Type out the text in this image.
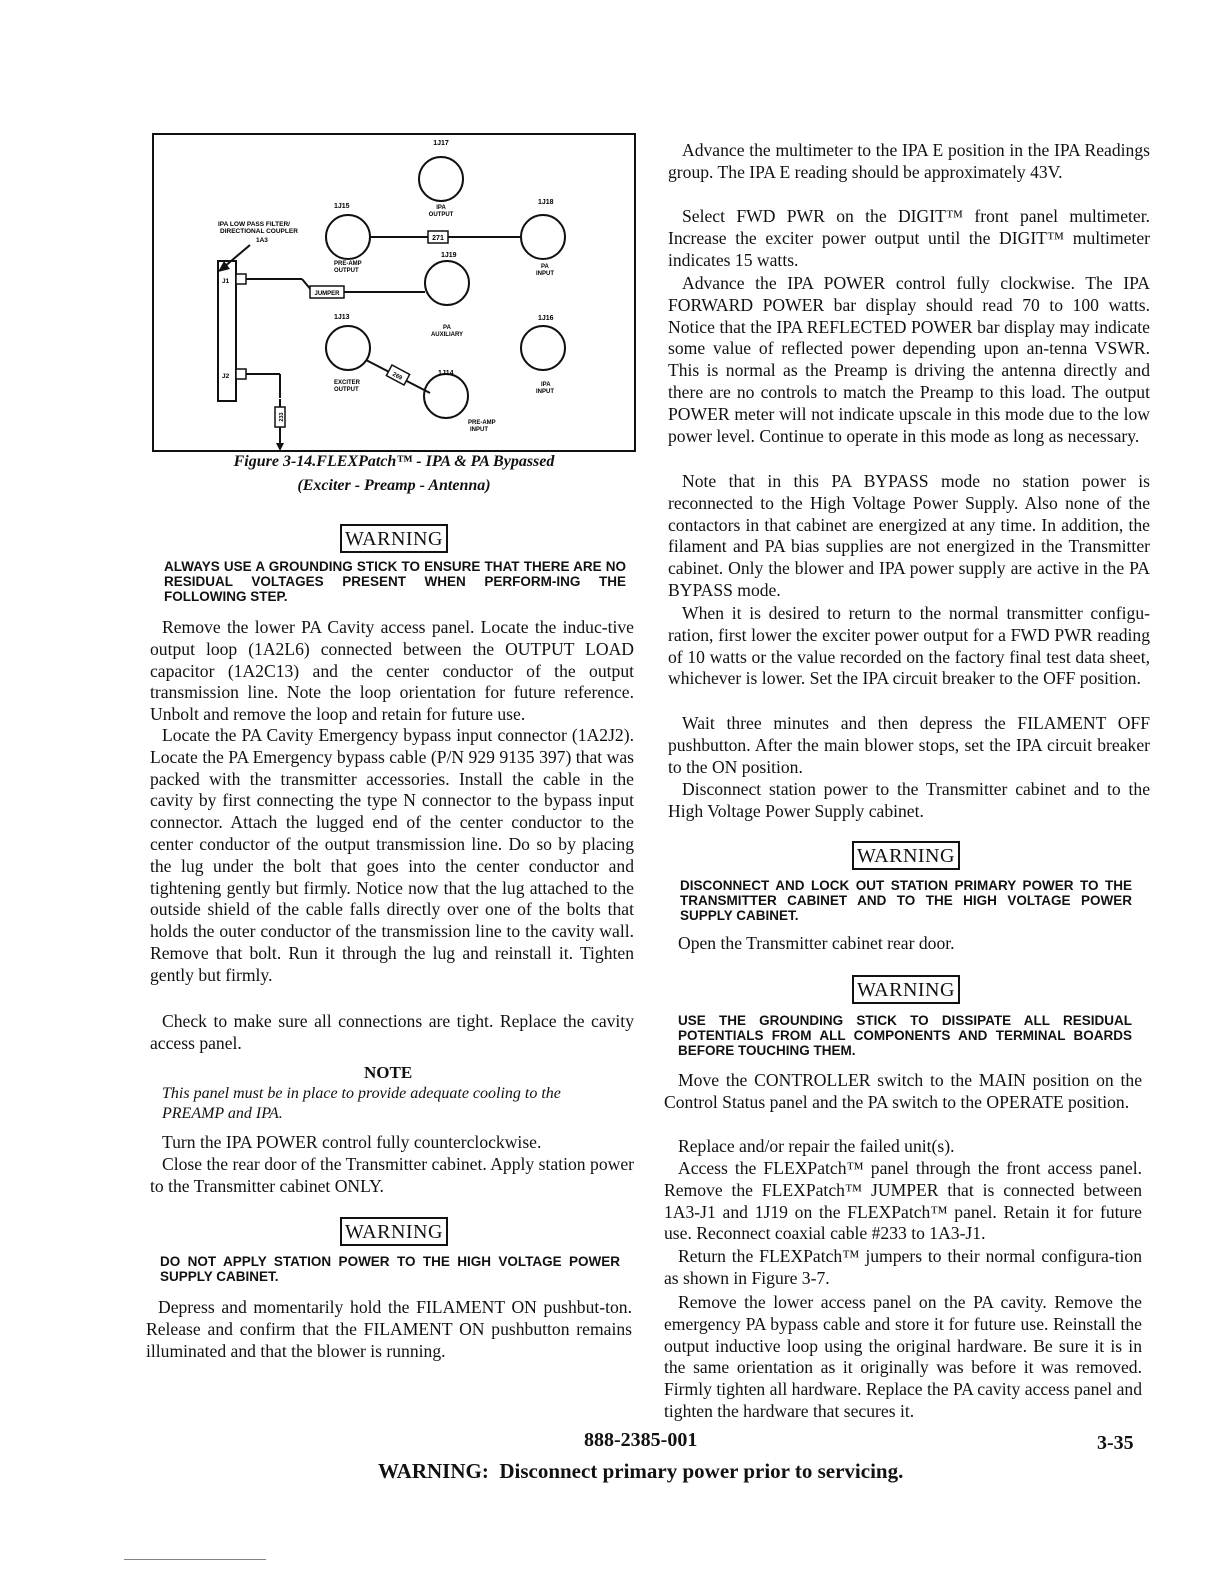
1J17
1J15
1J18
IPA OUTPUT
IPA LOW PASS FILTER/
DIRECTIONAL COUPLER
1A3	271
1J19
PRE-AMP OUTPUT
PA INPUT
J1
JUMPER
1J13	1J16
PA AUXILIARY
J2	1J14
EXCITER OUTPUT
IPA INPUT
PRE-AMP INPUT
269
233
Figure 3-14.FLEXPatch™ - IPA & PA Bypassed
(Exciter - Preamp - Antenna)
WARNING

ALWAYS USE A GROUNDING STICK TO ENSURE THAT THERE ARE NO RESIDUAL VOLTAGES PRESENT WHEN PERFORM-ING THE FOLLOWING STEP.

Remove the lower PA Cavity access panel. Locate the induc-tive output loop (1A2L6) connected between the OUTPUT LOAD capacitor (1A2C13) and the center conductor of the output transmission line. Note the loop orientation for future reference. Unbolt and remove the loop and retain for future use.

Locate the PA Cavity Emergency bypass input connector (1A2J2). Locate the PA Emergency bypass cable (P/N 929 9135 397) that was packed with the transmitter accessories. Install the cable in the cavity by first connecting the type N connector to the bypass input connector. Attach the lugged end of the center conductor to the center conductor of the output transmission line. Do so by placing the lug under the bolt that goes into the center conductor and tightening gently but firmly. Notice now that the lug attached to the outside shield of the cable falls directly over one of the bolts that holds the outer conductor of the transmission line to the cavity wall. Remove that bolt. Run it through the lug and reinstall it. Tighten gently but firmly.

Check to make sure all connections are tight. Replace the cavity access panel.

NOTE

This panel must be in place to provide adequate cooling to the PREAMP and IPA.

Turn the IPA POWER control fully counterclockwise.

Close the rear door of the Transmitter cabinet. Apply station power to the Transmitter cabinet ONLY.

WARNING

DO NOT APPLY STATION POWER TO THE HIGH VOLTAGE POWER SUPPLY CABINET.

Depress and momentarily hold the FILAMENT ON pushbut-ton. Release and confirm that the FILAMENT ON pushbutton remains illuminated and that the blower is running.

Advance the multimeter to the IPA E position in the IPA Readings group. The IPA E reading should be approximately 43V.

Select FWD PWR on the DIGIT™ front panel multimeter. Increase the exciter power output until the DIGIT™ multimeter indicates 15 watts.

Advance the IPA POWER control fully clockwise. The IPA FORWARD POWER bar display should read 70 to 100 watts. Notice that the IPA REFLECTED POWER bar display may indicate some value of reflected power depending upon an-tenna VSWR. This is normal as the Preamp is driving the antenna directly and there are no controls to match the Preamp to this load. The output POWER meter will not indicate upscale in this mode due to the low power level. Continue to operate in this mode as long as necessary.

Note that in this PA BYPASS mode no station power is reconnected to the High Voltage Power Supply. Also none of the contactors in that cabinet are energized at any time. In addition, the filament and PA bias supplies are not energized in the Transmitter cabinet. Only the blower and IPA power supply are active in the PA BYPASS mode.

When it is desired to return to the normal transmitter configu-ration, first lower the exciter power output for a FWD PWR reading of 10 watts or the value recorded on the factory final test data sheet, whichever is lower. Set the IPA circuit breaker to the OFF position.

Wait three minutes and then depress the FILAMENT OFF pushbutton. After the main blower stops, set the IPA circuit breaker to the ON position.

Disconnect station power to the Transmitter cabinet and to the High Voltage Power Supply cabinet.

WARNING

DISCONNECT AND LOCK OUT STATION PRIMARY POWER TO THE TRANSMITTER CABINET AND TO THE HIGH VOLTAGE POWER SUPPLY CABINET.

Open the Transmitter cabinet rear door.

WARNING

USE THE GROUNDING STICK TO DISSIPATE ALL RESIDUAL POTENTIALS FROM ALL COMPONENTS AND TERMINAL BOARDS BEFORE TOUCHING THEM.

Move the CONTROLLER switch to the MAIN position on the Control Status panel and the PA switch to the OPERATE position.

Replace and/or repair the failed unit(s).

Access the FLEXPatch™ panel through the front access panel. Remove the FLEXPatch™ JUMPER that is connected between 1A3-J1 and 1J19 on the FLEXPatch™ panel. Retain it for future use. Reconnect coaxial cable #233 to 1A3-J1.

Return the FLEXPatch™ jumpers to their normal configura-tion as shown in Figure 3-7.

Remove the lower access panel on the PA cavity. Remove the emergency PA bypass cable and store it for future use. Reinstall the output inductive loop using the original hardware. Be sure it is in the same orientation as it originally was before it was removed. Firmly tighten all hardware. Replace the PA cavity access panel and tighten the hardware that secures it.

888-2385-001	3-35
WARNING:  Disconnect primary power prior to servicing.
